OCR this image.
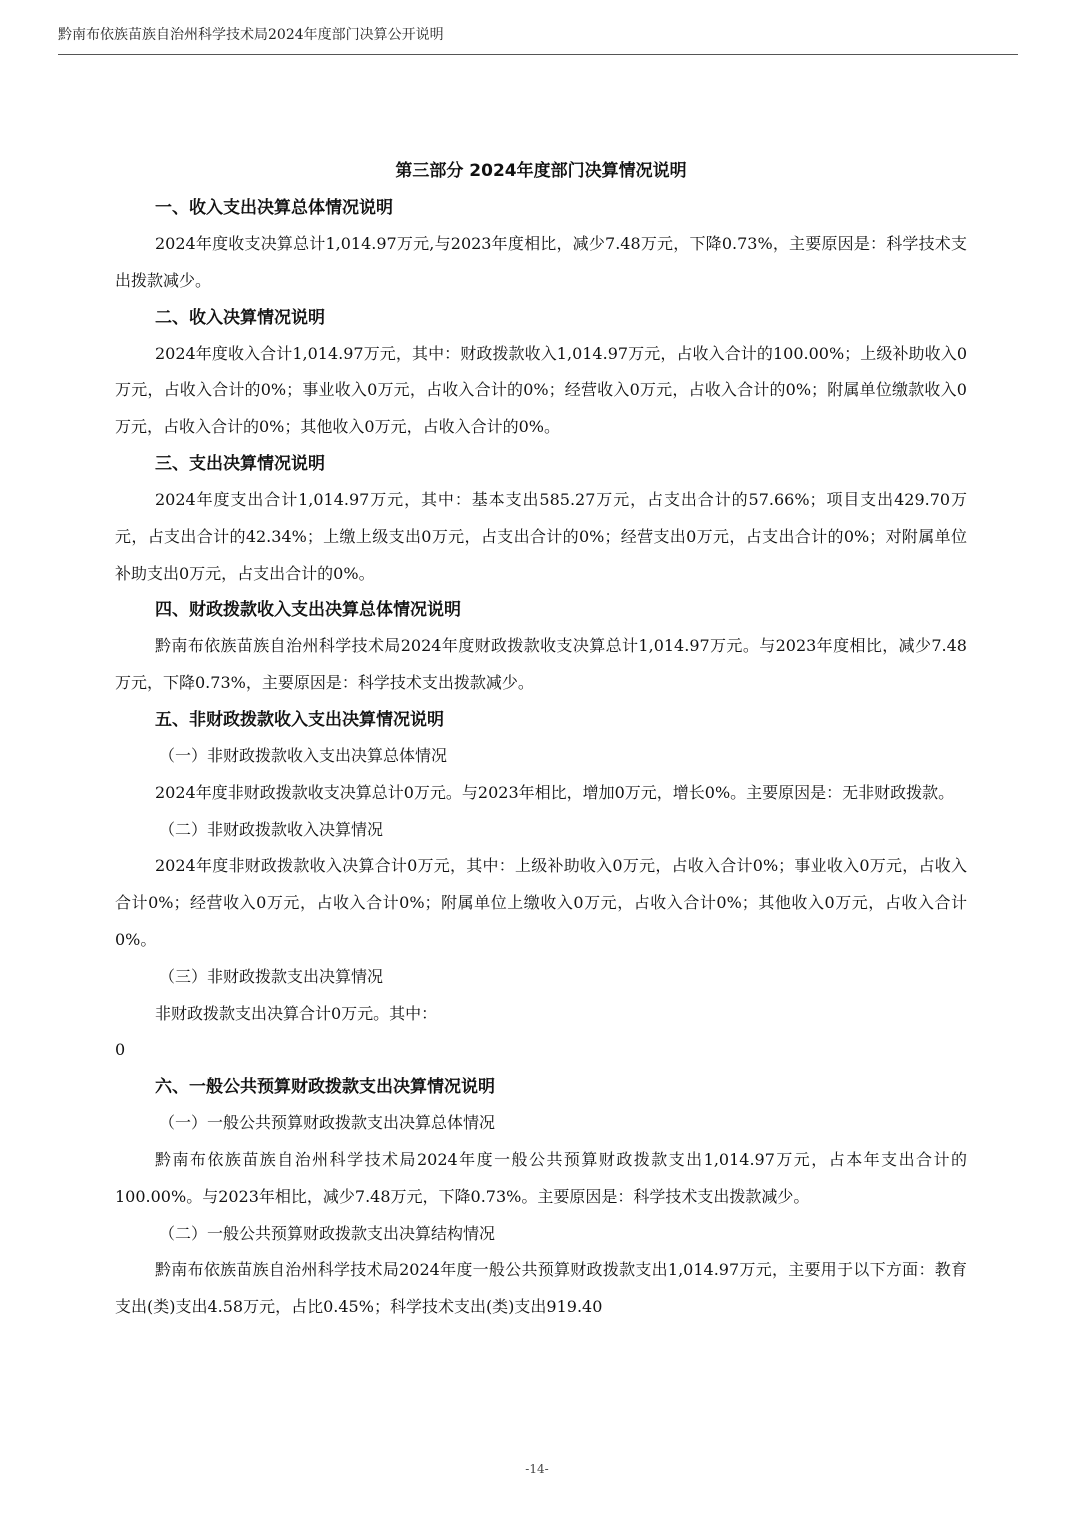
黔南布依族苗族自治州科学技术局2024年度部门决算公开说明

第三部分 2024年度部门决算情况说明

一、收入支出决算总体情况说明

2024年度收支决算总计1,014.97万元,与2023年度相比，减少7.48万元，下降0.73%，主要原因是：科学技术支出拨款减少。

二、收入决算情况说明

2024年度收入合计1,014.97万元，其中：财政拨款收入1,014.97万元，占收入合计的100.00%；上级补助收入0万元，占收入合计的0%；事业收入0万元，占收入合计的0%；经营收入0万元，占收入合计的0%；附属单位缴款收入0万元，占收入合计的0%；其他收入0万元，占收入合计的0%。

三、支出决算情况说明

2024年度支出合计1,014.97万元，其中：基本支出585.27万元，占支出合计的57.66%；项目支出429.70万元，占支出合计的42.34%；上缴上级支出0万元，占支出合计的0%；经营支出0万元，占支出合计的0%；对附属单位补助支出0万元，占支出合计的0%。

四、财政拨款收入支出决算总体情况说明

黔南布依族苗族自治州科学技术局2024年度财政拨款收支决算总计1,014.97万元。与2023年度相比，减少7.48万元，下降0.73%，主要原因是：科学技术支出拨款减少。

五、非财政拨款收入支出决算情况说明

（一）非财政拨款收入支出决算总体情况

2024年度非财政拨款收支决算总计0万元。与2023年相比，增加0万元，增长0%。主要原因是：无非财政拨款。

（二）非财政拨款收入决算情况

2024年度非财政拨款收入决算合计0万元，其中：上级补助收入0万元，占收入合计0%；事业收入0万元，占收入合计0%；经营收入0万元，占收入合计0%；附属单位上缴收入0万元，占收入合计0%；其他收入0万元，占收入合计0%。

（三）非财政拨款支出决算情况

非财政拨款支出决算合计0万元。其中：

0

六、一般公共预算财政拨款支出决算情况说明

（一）一般公共预算财政拨款支出决算总体情况

黔南布依族苗族自治州科学技术局2024年度一般公共预算财政拨款支出1,014.97万元，占本年支出合计的100.00%。与2023年相比，减少7.48万元，下降0.73%。主要原因是：科学技术支出拨款减少。

（二）一般公共预算财政拨款支出决算结构情况

黔南布依族苗族自治州科学技术局2024年度一般公共预算财政拨款支出1,014.97万元，主要用于以下方面：教育支出(类)支出4.58万元，占比0.45%；科学技术支出(类)支出919.40

-14-
